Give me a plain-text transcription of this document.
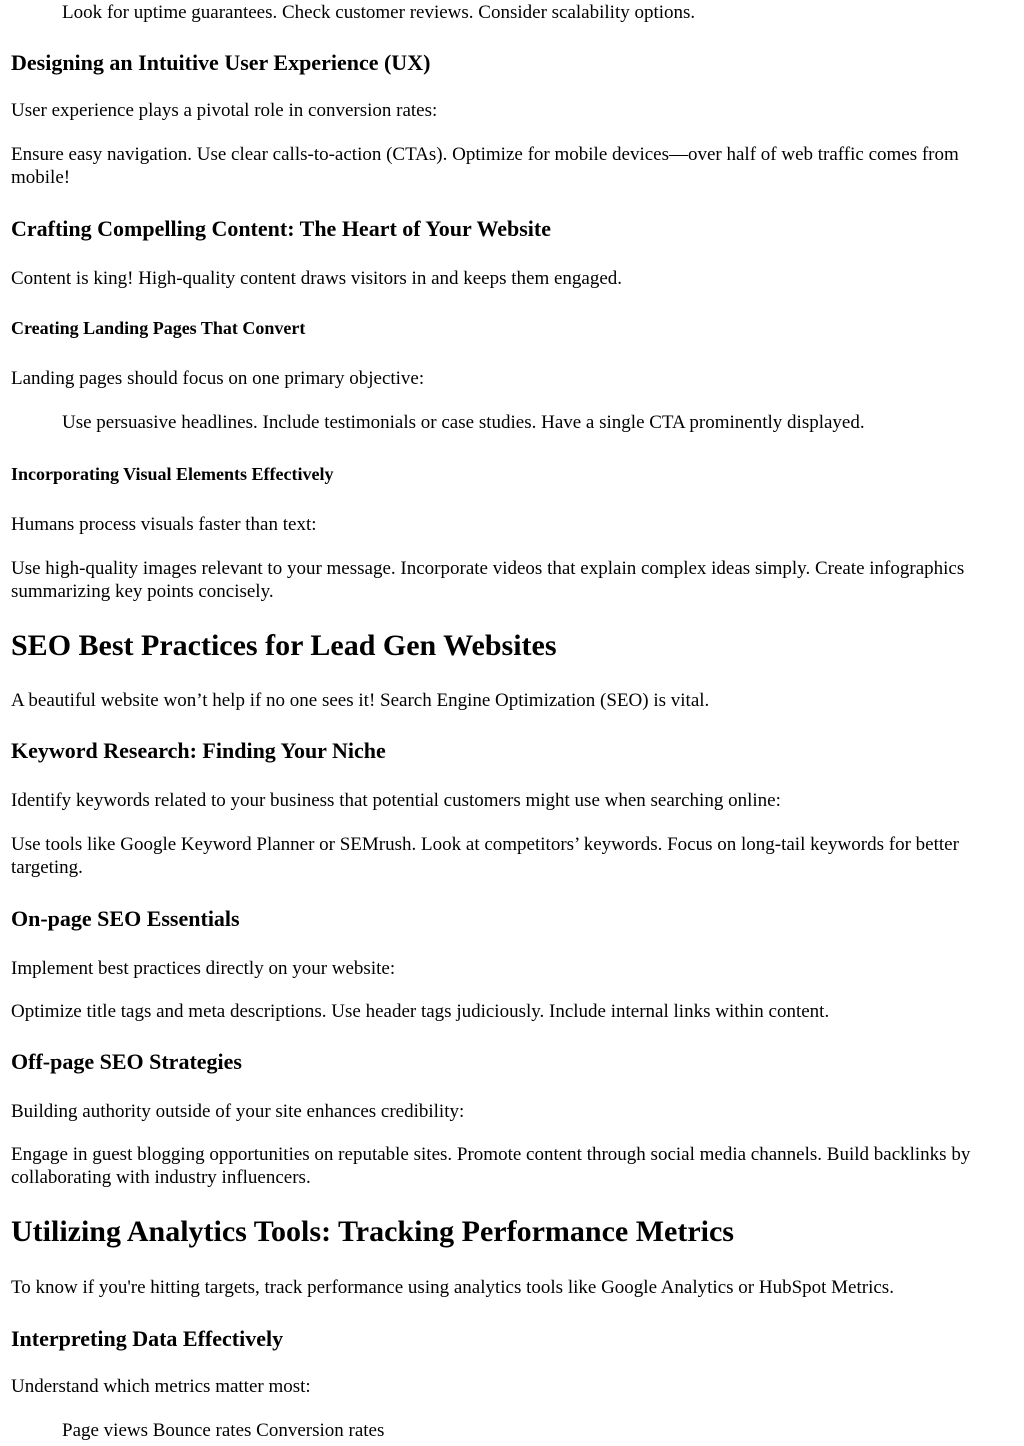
Look for uptime guarantees. Check customer reviews. Consider scalability options.

Designing an Intuitive User Experience (UX)

User experience plays a pivotal role in conversion rates:

Ensure easy navigation. Use clear calls-to-action (CTAs). Optimize for mobile devices—over half of web traffic comes from mobile!

Crafting Compelling Content: The Heart of Your Website

Content is king! High-quality content draws visitors in and keeps them engaged.

Creating Landing Pages That Convert

Landing pages should focus on one primary objective:

Use persuasive headlines. Include testimonials or case studies. Have a single CTA prominently displayed.

Incorporating Visual Elements Effectively

Humans process visuals faster than text:

Use high-quality images relevant to your message. Incorporate videos that explain complex ideas simply. Create infographics summarizing key points concisely.

SEO Best Practices for Lead Gen Websites

A beautiful website won’t help if no one sees it! Search Engine Optimization (SEO) is vital.

Keyword Research: Finding Your Niche

Identify keywords related to your business that potential customers might use when searching online:

Use tools like Google Keyword Planner or SEMrush. Look at competitors’ keywords. Focus on long-tail keywords for better targeting.

On-page SEO Essentials

Implement best practices directly on your website:

Optimize title tags and meta descriptions. Use header tags judiciously. Include internal links within content.

Off-page SEO Strategies

Building authority outside of your site enhances credibility:

Engage in guest blogging opportunities on reputable sites. Promote content through social media channels. Build backlinks by collaborating with industry influencers.

Utilizing Analytics Tools: Tracking Performance Metrics

To know if you're hitting targets, track performance using analytics tools like Google Analytics or HubSpot Metrics.

Interpreting Data Effectively

Understand which metrics matter most:

Page views Bounce rates Conversion rates
